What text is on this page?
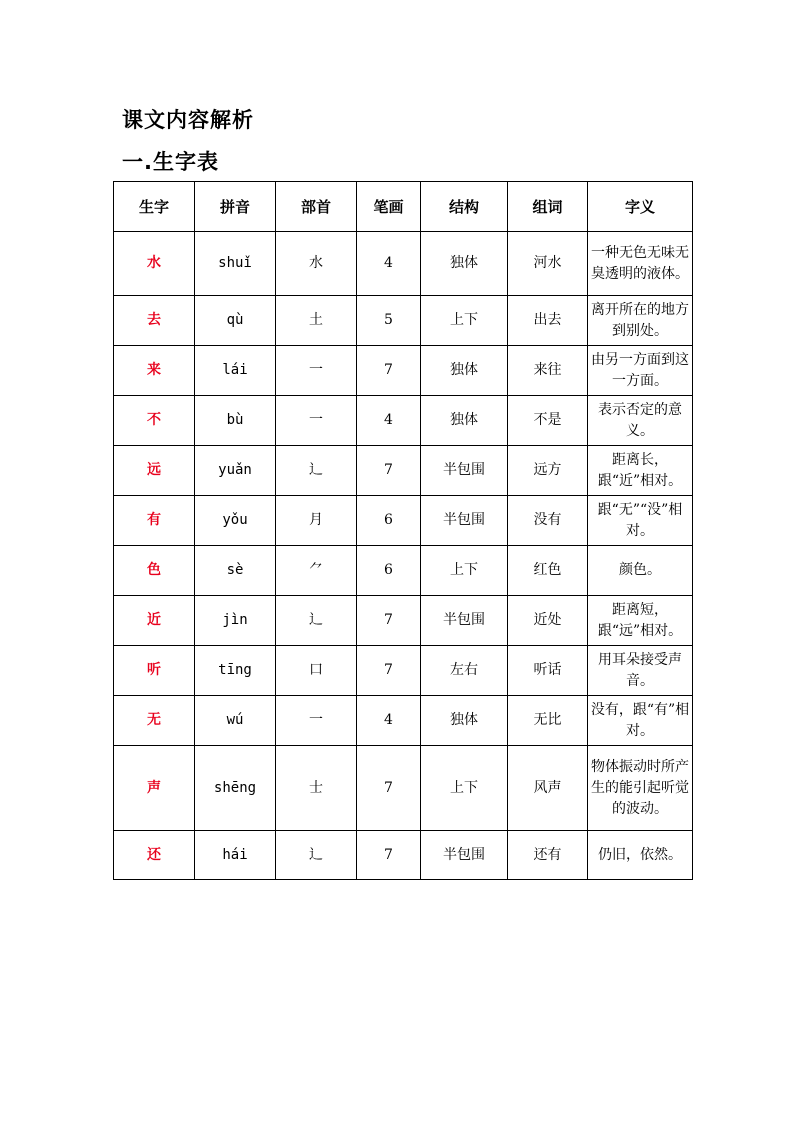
课文内容解析
一.生字表
生字	拼音	部首	笔画	结构	组词	字义
水	shuǐ	水	4	独体	河水	一种无色无味无臭透明的液体。
去	qù	土	5	上下	出去	离开所在的地方到别处。
来	lái	一	7	独体	来往	由另一方面到这一方面。
不	bù	一	4	独体	不是	表示否定的意义。
远	yuǎn	辶	7	半包围	远方	距离长，跟“近”相对。
有	yǒu	月	6	半包围	没有	跟“无”“没”相对。
色	sè	⺈	6	上下	红色	颜色。
近	jìn	辶	7	半包围	近处	距离短，跟“远”相对。
听	tīng	口	7	左右	听话	用耳朵接受声音。
无	wú	一	4	独体	无比	没有，跟“有”相对。
声	shēng	士	7	上下	风声	物体振动时所产生的能引起听觉的波动。
还	hái	辶	7	半包围	还有	仍旧，依然。
